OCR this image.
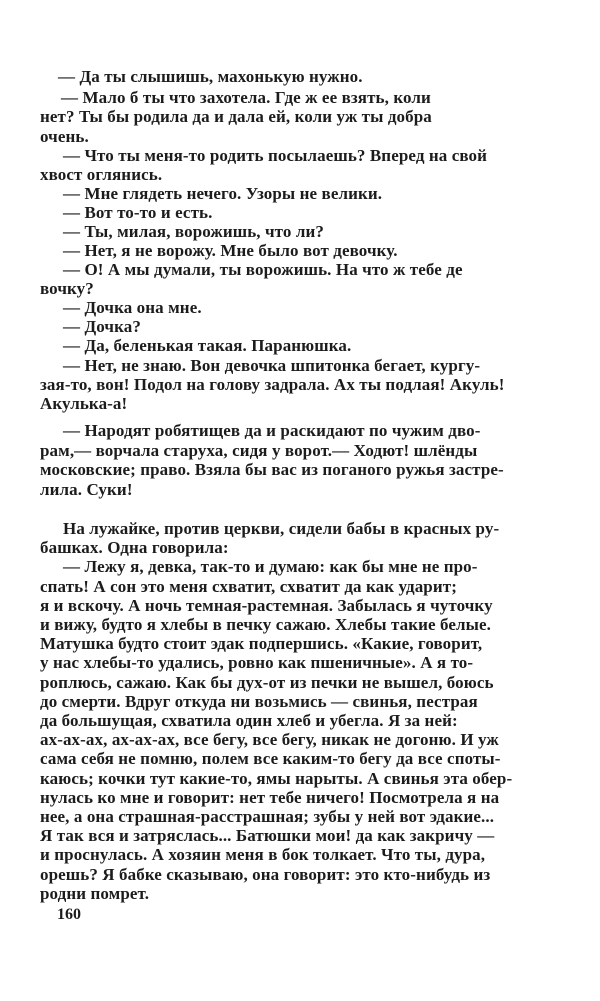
— Да ты слышишь, махонькую нужно.
— Мало б ты что захотела. Где ж ее взять, коли
нет? Ты бы родила да и дала ей, коли уж ты добра
очень.
— Что ты меня-то родить посылаешь? Вперед на свой
хвост оглянись.
— Мне глядеть нечего. Узоры не велики.
— Вот то-то и есть.
— Ты, милая, ворожишь, что ли?
— Нет, я не ворожу. Мне было вот девочку.
— О! А мы думали, ты ворожишь. На что ж тебе де
вочку?
— Дочка она мне.
— Дочка?
— Да, беленькая такая. Паранюшка.
— Нет, не знаю. Вон девочка шпитонка бегает, кургу-
зая-то, вон! Подол на голову задрала. Ах ты подлая! Акуль!
Акулька-а!
— Народят робятищев да и раскидают по чужим дво-
рам,— ворчала старуха, сидя у ворот.— Ходют! шлёнды
московские; право. Взяла бы вас из поганого ружья застре-
лила. Суки!
На лужайке, против церкви, сидели бабы в красных ру-
башках. Одна говорила:
— Лежу я, девка, так-то и думаю: как бы мне не про-
спать! А сон это меня схватит, схватит да как ударит;
я и вскочу. А ночь темная-растемная. Забылась я чуточку
и вижу, будто я хлебы в печку сажаю. Хлебы такие белые.
Матушка будто стоит эдак подпершись. «Какие, говорит,
у нас хлебы-то удались, ровно как пшеничные». А я то-
роплюсь, сажаю. Как бы дух-от из печки не вышел, боюсь
до смерти. Вдруг откуда ни возьмись — свинья, пестрая
да большущая, схватила один хлеб и убегла. Я за ней:
ах-ах-ах, ах-ах-ах, все бегу, все бегу, никак не догоню. И уж
сама себя не помню, полем все каким-то бегу да все споты-
каюсь; кочки тут какие-то, ямы нарыты. А свинья эта обер-
нулась ко мне и говорит: нет тебе ничего! Посмотрела я на
нее, а она страшная-расстрашная; зубы у ней вот эдакие...
Я так вся и затряслась... Батюшки мои! да как закричу —
и проснулась. А хозяин меня в бок толкает. Что ты, дура,
орешь? Я бабке сказываю, она говорит: это кто-нибудь из
родни помрет.
160
